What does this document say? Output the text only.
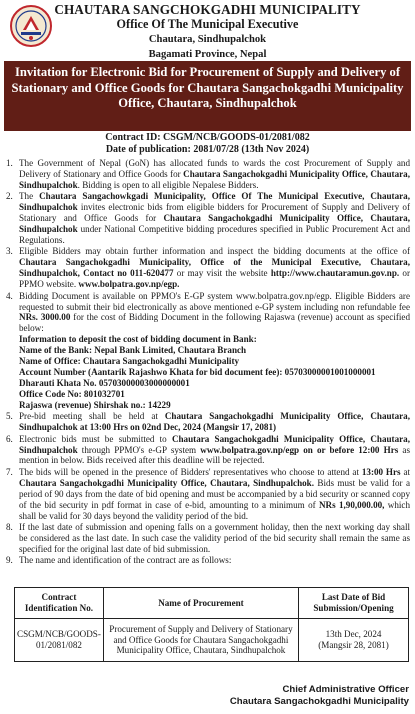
CHAUTARA SANGCHOKGADHI MUNICIPALITY
Office Of The Municipal Executive
Chautara, Sindhupalchok
Bagamati Province, Nepal
Invitation for Electronic Bid for Procurement of Supply and Delivery of Stationary and Office Goods for Chautara Sangachokgadhi Municipality Office, Chautara, Sindhupalchok
Contract ID: CSGM/NCB/GOODS-01/2081/082
Date of publication: 2081/07/28 (13th Nov 2024)
1. The Government of Nepal (GoN) has allocated funds to wards the cost Procurement of Supply and Delivery of Stationary and Office Goods for Chautara Sangachokgadhi Municipality Office, Chautara, Sindhupalchok. Bidding is open to all eligible Nepalese Bidders.
2. The Chautara Sangachowkgadi Municipality, Office Of The Municipal Executive, Chautara, Sindhupalchok invites electronic bids from eligible bidders for Procurement of Supply and Delivery of Stationary and Office Goods for Chautara Sangachokgadhi Municipality Office, Chautara, Sindhupalchok under National Competitive bidding procedures specified in Public Procurement Act and Regulations.
3. Eligible Bidders may obtain further information and inspect the bidding documents at the office of Chautara Sangachokgadhi Municipality, Office of the Municipal Executive, Chautara, Sindhupalchok, Contact no 011-620477 or may visit the website http://www.chautaramun.gov.np. or PPMO website. www.bolpatra.gov.np/egp.
4. Bidding Document is available on PPMO's E-GP system www.bolpatra.gov.np/egp. Eligible Bidders are requested to submit their bid electronically as above mentioned e-GP system including non refundable fee NRs. 3000.00 for the cost of Bidding Document in the following Rajaswa (revenue) account as specified below:
Information to deposit the cost of bidding document in Bank:
Name of the Bank: Nepal Bank Limited, Chautara Branch
Name of Office: Chautara Sangachokgadhi Municipality
Account Number (Aantarik Rajashwo Khata for bid document fee): 05703000001001000001
Dharauti Khata No. 05703000003000000001
Office Code No: 801032701
Rajaswa (revenue) Shirshak no.: 14229
5. Pre-bid meeting shall be held at Chautara Sangachokgadhi Municipality Office, Chautara, Sindhupalchok at 13:00 Hrs on 02nd Dec, 2024 (Mangsir 17, 2081)
6. Electronic bids must be submitted to Chautara Sangachokgadhi Municipality Office, Chautara, Sindhupalchok through PPMO's e-GP system www.bolpatra.gov.np/egp on or before 12:00 Hrs as mention in below. Bids received after this deadline will be rejected.
7. The bids will be opened in the presence of Bidders' representatives who choose to attend at 13:00 Hrs at Chautara Sangachokgadhi Municipality Office, Chautara, Sindhupalchok. Bids must be valid for a period of 90 days from the date of bid opening and must be accompanied by a bid security or scanned copy of the bid security in pdf format in case of e-bid, amounting to a minimum of NRs 1,90,000.00, which shall be valid for 30 days beyond the validity period of the bid.
8. If the last date of submission and opening falls on a government holiday, then the next working day shall be considered as the last date. In such case the validity period of the bid security shall remain the same as specified for the original last date of bid submission.
9. The name and identification of the contract are as follows:
Contract Identification No.	Name of Procurement	Last Date of Bid Submission/Opening
CSGM/NCB/GOODS-01/2081/082	Procurement of Supply and Delivery of Stationary and Office Goods for Chautara Sangachokgadhi Municipality Office, Chautara, Sindhupalchok	13th Dec, 2024
(Mangsir 28, 2081)
Chief Administrative Officer
Chautara Sangachokgadhi Municipality
